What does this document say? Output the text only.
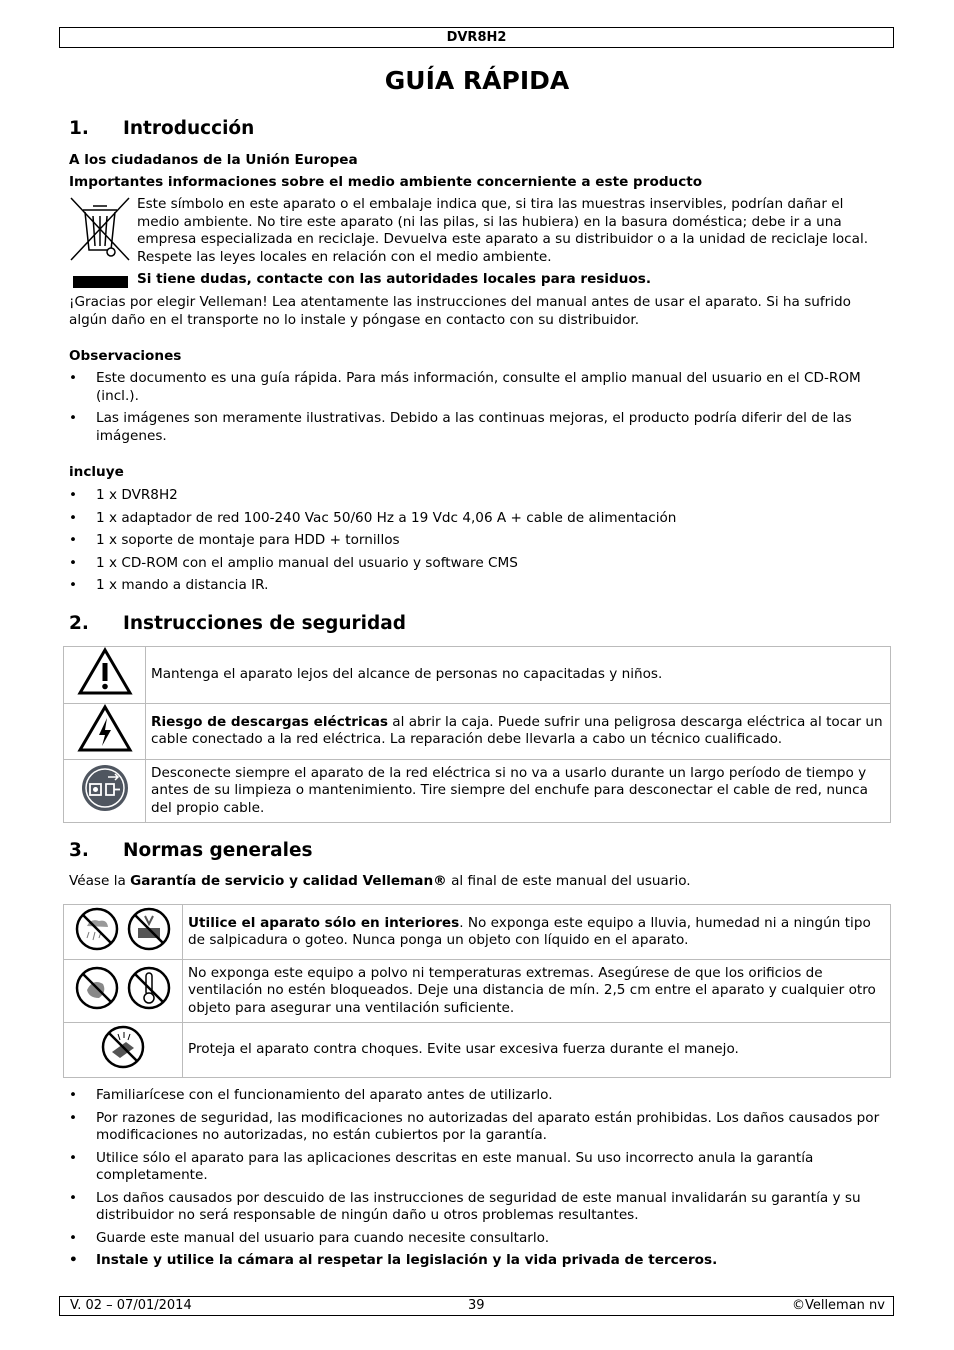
DVR8H2
GUÍA RÁPIDA
1. Introducción
A los ciudadanos de la Unión Europea
Importantes informaciones sobre el medio ambiente concerniente a este producto
Este símbolo en este aparato o el embalaje indica que, si tira las muestras inservibles, podrían dañar el medio ambiente. No tire este aparato (ni las pilas, si las hubiera) en la basura doméstica; debe ir a una empresa especializada en reciclaje. Devuelva este aparato a su distribuidor o a la unidad de reciclaje local. Respete las leyes locales en relación con el medio ambiente.
Si tiene dudas, contacte con las autoridades locales para residuos.
¡Gracias por elegir Velleman! Lea atentamente las instrucciones del manual antes de usar el aparato. Si ha sufrido algún daño en el transporte no lo instale y póngase en contacto con su distribuidor.
Observaciones
• Este documento es una guía rápida. Para más información, consulte el amplio manual del usuario en el CD-ROM (incl.).
• Las imágenes son meramente ilustrativas. Debido a las continuas mejoras, el producto podría diferir del de las imágenes.
incluye
• 1 x DVR8H2
• 1 x adaptador de red 100-240 Vac 50/60 Hz a 19 Vdc 4,06 A + cable de alimentación
• 1 x soporte de montaje para HDD + tornillos
• 1 x CD-ROM con el amplio manual del usuario y software CMS
• 1 x mando a distancia IR.
2. Instrucciones de seguridad
	Mantenga el aparato lejos del alcance de personas no capacitadas y niños.
	Riesgo de descargas eléctricas al abrir la caja. Puede sufrir una peligrosa descarga eléctrica al tocar un cable conectado a la red eléctrica. La reparación debe llevarla a cabo un técnico cualificado.
	Desconecte siempre el aparato de la red eléctrica si no va a usarlo durante un largo período de tiempo y antes de su limpieza o mantenimiento. Tire siempre del enchufe para desconectar el cable de red, nunca del propio cable.
3. Normas generales
Véase la Garantía de servicio y calidad Velleman® al final de este manual del usuario.
	Utilice el aparato sólo en interiores. No exponga este equipo a lluvia, humedad ni a ningún tipo de salpicadura o goteo. Nunca ponga un objeto con líquido en el aparato.
	No exponga este equipo a polvo ni temperaturas extremas. Asegúrese de que los orificios de ventilación no estén bloqueados. Deje una distancia de mín. 2,5 cm entre el aparato y cualquier otro objeto para asegurar una ventilación suficiente.
	Proteja el aparato contra choques. Evite usar excesiva fuerza durante el manejo.
• Familiarícese con el funcionamiento del aparato antes de utilizarlo.
• Por razones de seguridad, las modificaciones no autorizadas del aparato están prohibidas. Los daños causados por modificaciones no autorizadas, no están cubiertos por la garantía.
• Utilice sólo el aparato para las aplicaciones descritas en este manual. Su uso incorrecto anula la garantía completamente.
• Los daños causados por descuido de las instrucciones de seguridad de este manual invalidarán su garantía y su distribuidor no será responsable de ningún daño u otros problemas resultantes.
• Guarde este manual del usuario para cuando necesite consultarlo.
• Instale y utilice la cámara al respetar la legislación y la vida privada de terceros.
V. 02 – 07/01/2014	39	©Velleman nv
